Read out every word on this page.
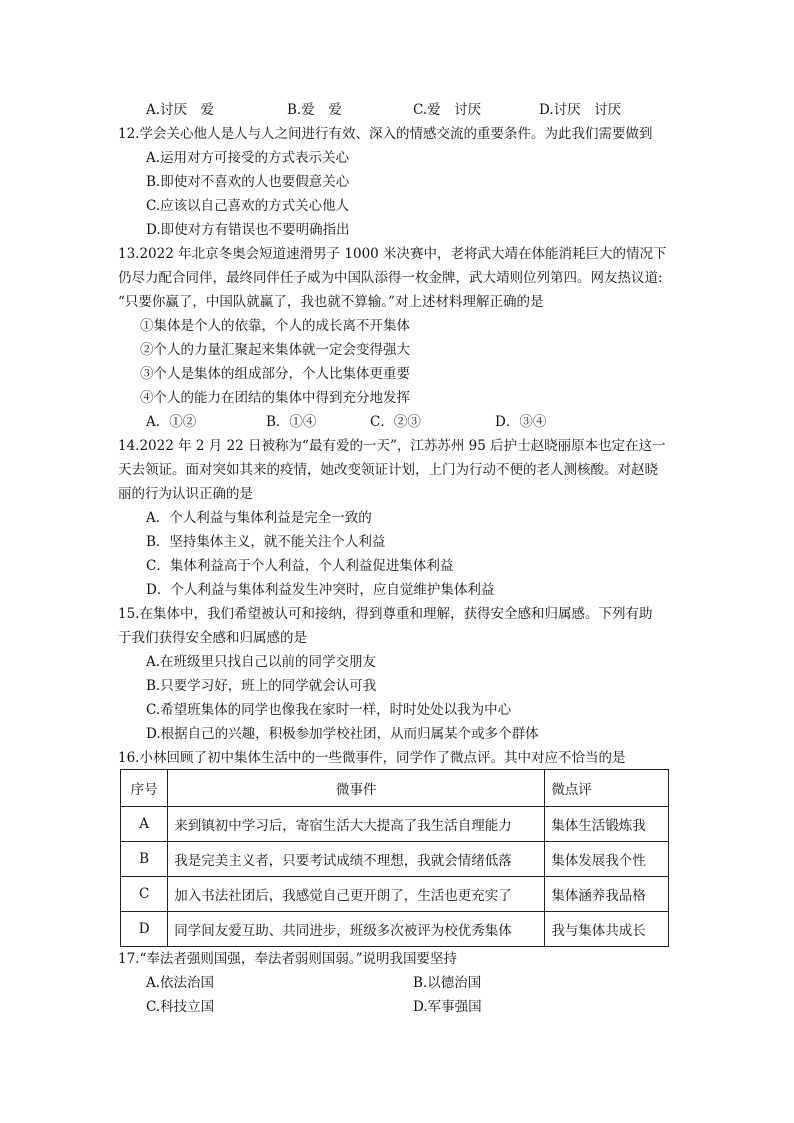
A.讨厌　爱	B.爱　爱	C.爱　讨厌	D.讨厌　讨厌
12.学会关心他人是人与人之间进行有效、深入的情感交流的重要条件。为此我们需要做到
A.运用对方可接受的方式表示关心
B.即使对不喜欢的人也要假意关心
C.应该以自己喜欢的方式关心他人
D.即使对方有错误也不要明确指出
13.2022 年北京冬奥会短道速滑男子 1000 米决赛中，老将武大靖在体能消耗巨大的情况下
仍尽力配合同伴，最终同伴任子威为中国队添得一枚金牌，武大靖则位列第四。网友热议道:
“只要你赢了，中国队就赢了，我也就不算输。”对上述材料理解正确的是
①集体是个人的依靠，个人的成长离不开集体
②个人的力量汇聚起来集体就一定会变得强大
③个人是集体的组成部分，个人比集体更重要
④个人的能力在团结的集体中得到充分地发挥
A．①②	B．①④	C．②③	D．③④
14.2022 年 2 月 22 日被称为“最有爱的一天”，江苏苏州 95 后护士赵晓丽原本也定在这一
天去领证。面对突如其来的疫情，她改变领证计划，上门为行动不便的老人测核酸。对赵晓
丽的行为认识正确的是
A．个人利益与集体利益是完全一致的
B．坚持集体主义，就不能关注个人利益
C．集体利益高于个人利益，个人利益促进集体利益
D．个人利益与集体利益发生冲突时，应自觉维护集体利益
15.在集体中，我们希望被认可和接纳，得到尊重和理解，获得安全感和归属感。下列有助
于我们获得安全感和归属感的是
A.在班级里只找自己以前的同学交朋友
B.只要学习好，班上的同学就会认可我
C.希望班集体的同学也像我在家时一样，时时处处以我为中心
D.根据自己的兴趣，积极参加学校社团，从而归属某个或多个群体
16.小林回顾了初中集体生活中的一些微事件，同学作了微点评。其中对应不恰当的是
序号	微事件	微点评
A	来到镇初中学习后，寄宿生活大大提高了我生活自理能力	集体生活锻炼我
B	我是完美主义者，只要考试成绩不理想，我就会情绪低落	集体发展我个性
C	加入书法社团后，我感觉自己更开朗了，生活也更充实了	集体涵养我品格
D	同学间友爱互助、共同进步，班级多次被评为校优秀集体	我与集体共成长
17.“奉法者强则国强，奉法者弱则国弱。”说明我国要坚持
A.依法治国	B.以德治国
C.科技立国	D.军事强国
